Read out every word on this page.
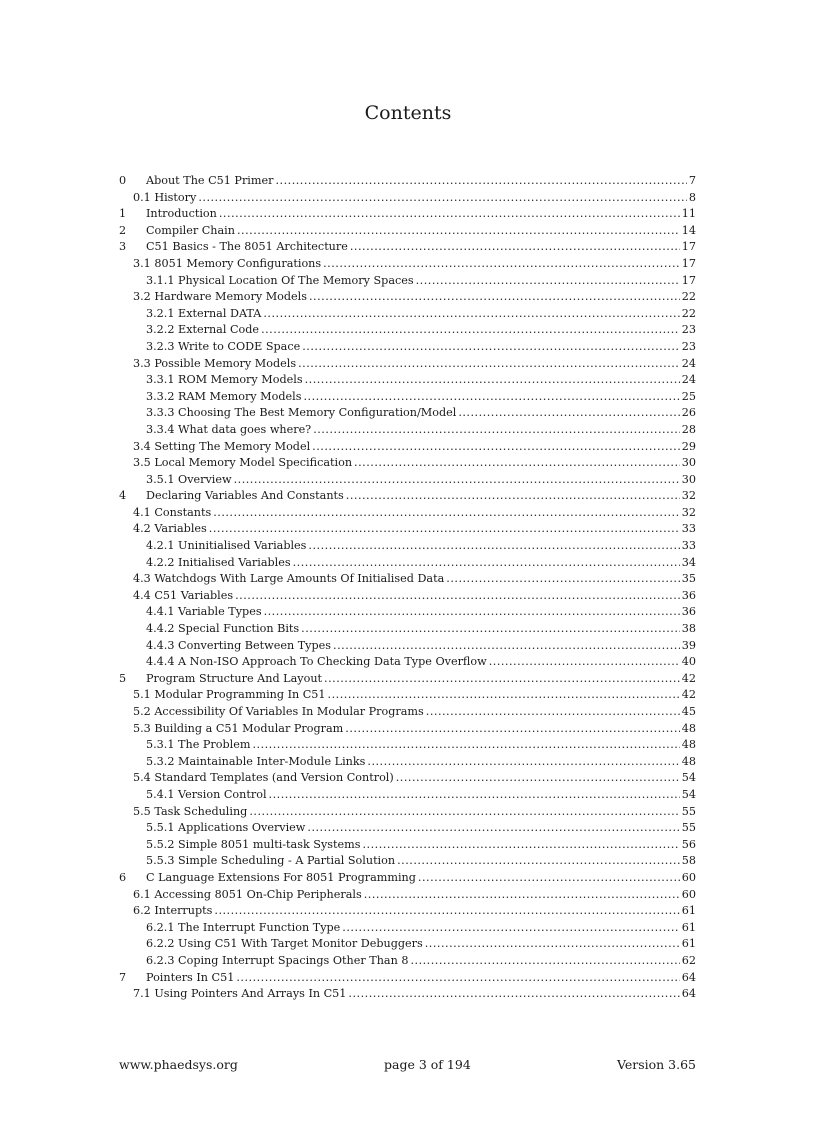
Contents
0	About The C51 Primer .....	7
0.1 History .....	8
1	Introduction .....	11
2	Compiler Chain .....	14
3	C51 Basics - The 8051 Architecture .....	17
3.1 8051 Memory Configurations .....	17
3.1.1 Physical Location Of The Memory Spaces .....	17
3.2 Hardware Memory Models .....	22
3.2.1 External DATA .....	22
3.2.2 External Code .....	23
3.2.3 Write to CODE Space .....	23
3.3 Possible Memory Models .....	24
3.3.1 ROM Memory Models .....	24
3.3.2 RAM Memory Models .....	25
3.3.3 Choosing The Best Memory Configuration/Model .....	26
3.3.4 What data goes where? .....	28
3.4 Setting The Memory Model .....	29
3.5 Local Memory Model Specification .....	30
3.5.1 Overview .....	30
4	Declaring Variables And Constants .....	32
4.1 Constants .....	32
4.2 Variables .....	33
4.2.1 Uninitialised Variables .....	33
4.2.2 Initialised Variables .....	34
4.3 Watchdogs With Large Amounts Of Initialised Data .....	35
4.4 C51 Variables .....	36
4.4.1 Variable Types .....	36
4.4.2 Special Function Bits .....	38
4.4.3 Converting Between Types .....	39
4.4.4 A Non-ISO Approach To Checking Data Type Overflow .....	40
5	Program Structure And Layout .....	42
5.1 Modular Programming In C51 .....	42
5.2 Accessibility Of Variables In Modular Programs .....	45
5.3 Building a C51 Modular Program .....	48
5.3.1 The Problem .....	48
5.3.2 Maintainable Inter-Module Links .....	48
5.4 Standard Templates (and Version Control) .....	54
5.4.1 Version Control .....	54
5.5 Task Scheduling .....	55
5.5.1 Applications Overview .....	55
5.5.2 Simple 8051 multi-task Systems .....	56
5.5.3 Simple Scheduling - A Partial Solution .....	58
6	C Language Extensions For 8051 Programming .....	60
6.1 Accessing 8051 On-Chip Peripherals .....	60
6.2 Interrupts .....	61
6.2.1 The Interrupt Function Type .....	61
6.2.2 Using C51 With Target Monitor Debuggers .....	61
6.2.3 Coping Interrupt Spacings Other Than 8 .....	62
7	Pointers In C51 .....	64
7.1 Using Pointers And Arrays In C51 .....	64
www.phaedsys.org	page 3 of 194	Version 3.65
